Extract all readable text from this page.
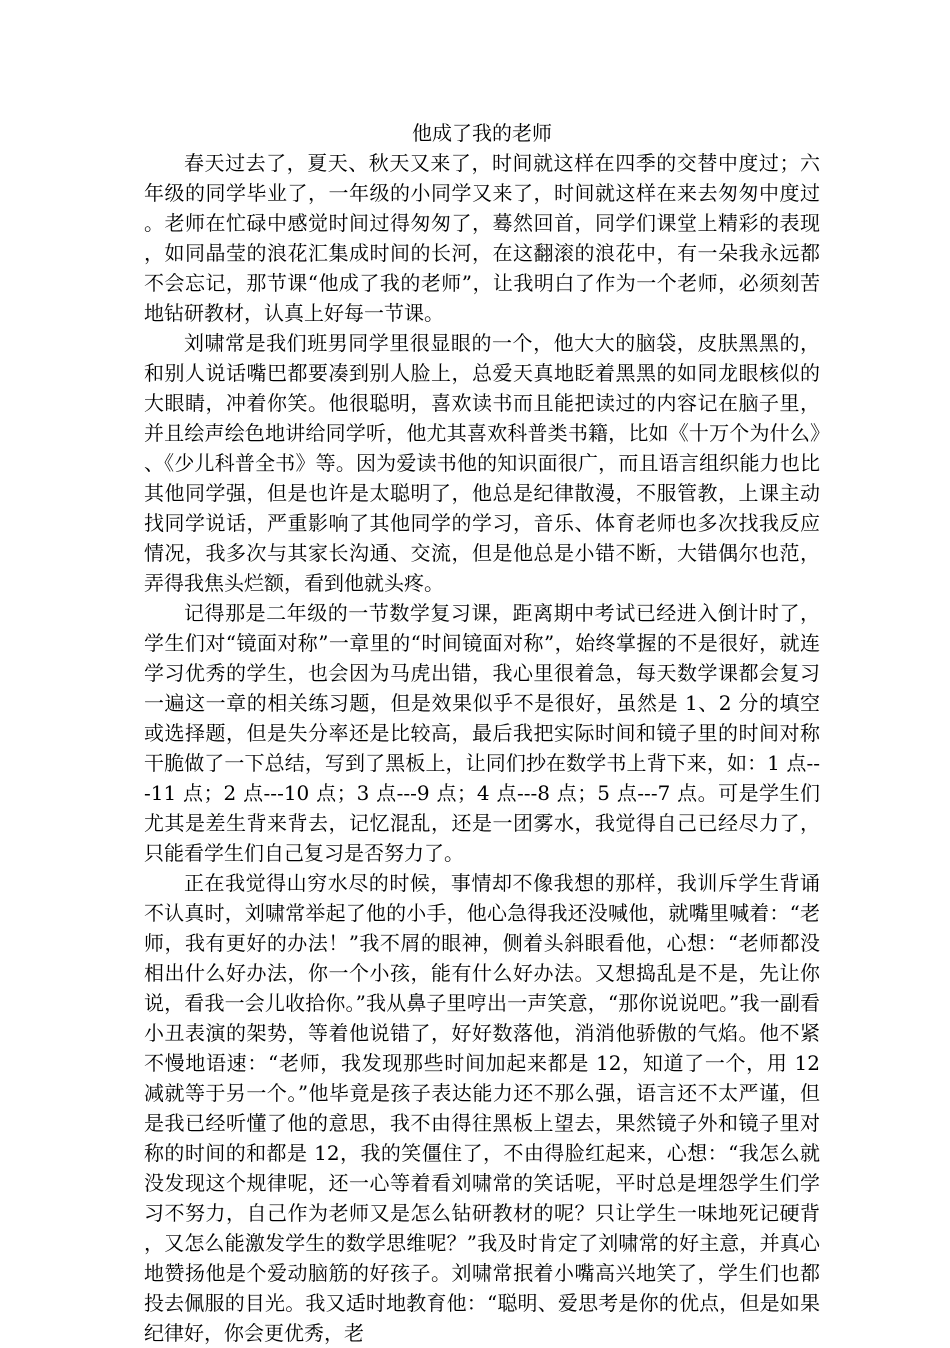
他成了我的老师

春天过去了，夏天、秋天又来了，时间就这样在四季的交替中度过；六年级的同学毕业了，一年级的小同学又来了，时间就这样在来去匆匆中度过。老师在忙碌中感觉时间过得匆匆了，蓦然回首，同学们课堂上精彩的表现，如同晶莹的浪花汇集成时间的长河，在这翻滚的浪花中，有一朵我永远都不会忘记，那节课“他成了我的老师”，让我明白了作为一个老师，必须刻苦地钻研教材，认真上好每一节课。

刘啸常是我们班男同学里很显眼的一个，他大大的脑袋，皮肤黑黑的，和别人说话嘴巴都要凑到别人脸上，总爱天真地眨着黑黑的如同龙眼核似的大眼睛，冲着你笑。他很聪明，喜欢读书而且能把读过的内容记在脑子里，并且绘声绘色地讲给同学听，他尤其喜欢科普类书籍，比如《十万个为什么》、《少儿科普全书》等。因为爱读书他的知识面很广，而且语言组织能力也比其他同学强，但是也许是太聪明了，他总是纪律散漫，不服管教，上课主动找同学说话，严重影响了其他同学的学习，音乐、体育老师也多次找我反应情况，我多次与其家长沟通、交流，但是他总是小错不断，大错偶尔也范，弄得我焦头烂额，看到他就头疼。

记得那是二年级的一节数学复习课，距离期中考试已经进入倒计时了，学生们对“镜面对称”一章里的“时间镜面对称”，始终掌握的不是很好，就连学习优秀的学生，也会因为马虎出错，我心里很着急，每天数学课都会复习一遍这一章的相关练习题，但是效果似乎不是很好，虽然是 1、2 分的填空或选择题，但是失分率还是比较高，最后我把实际时间和镜子里的时间对称干脆做了一下总结，写到了黑板上，让同们抄在数学书上背下来，如：1 点---11 点；2 点---10 点；3 点---9 点；4 点---8 点；5 点---7 点。可是学生们尤其是差生背来背去，记忆混乱，还是一团雾水，我觉得自己已经尽力了，只能看学生们自己复习是否努力了。

正在我觉得山穷水尽的时候，事情却不像我想的那样，我训斥学生背诵不认真时，刘啸常举起了他的小手，他心急得我还没喊他，就嘴里喊着：“老师，我有更好的办法！”我不屑的眼神，侧着头斜眼看他，心想：“老师都没相出什么好办法，你一个小孩，能有什么好办法。又想捣乱是不是，先让你说，看我一会儿收拾你。”我从鼻子里哼出一声笑意，“那你说说吧。”我一副看小丑表演的架势，等着他说错了，好好数落他，消消他骄傲的气焰。他不紧不慢地语速：“老师，我发现那些时间加起来都是 12，知道了一个，用 12 减就等于另一个。”他毕竟是孩子表达能力还不那么强，语言还不太严谨，但是我已经听懂了他的意思，我不由得往黑板上望去，果然镜子外和镜子里对称的时间的和都是 12，我的笑僵住了，不由得脸红起来，心想：“我怎么就没发现这个规律呢，还一心等着看刘啸常的笑话呢，平时总是埋怨学生们学习不努力，自己作为老师又是怎么钻研教材的呢？只让学生一味地死记硬背，又怎么能激发学生的数学思维呢？”我及时肯定了刘啸常的好主意，并真心地赞扬他是个爱动脑筋的好孩子。刘啸常抿着小嘴高兴地笑了，学生们也都投去佩服的目光。我又适时地教育他：“聪明、爱思考是你的优点，但是如果纪律好，你会更优秀，老
